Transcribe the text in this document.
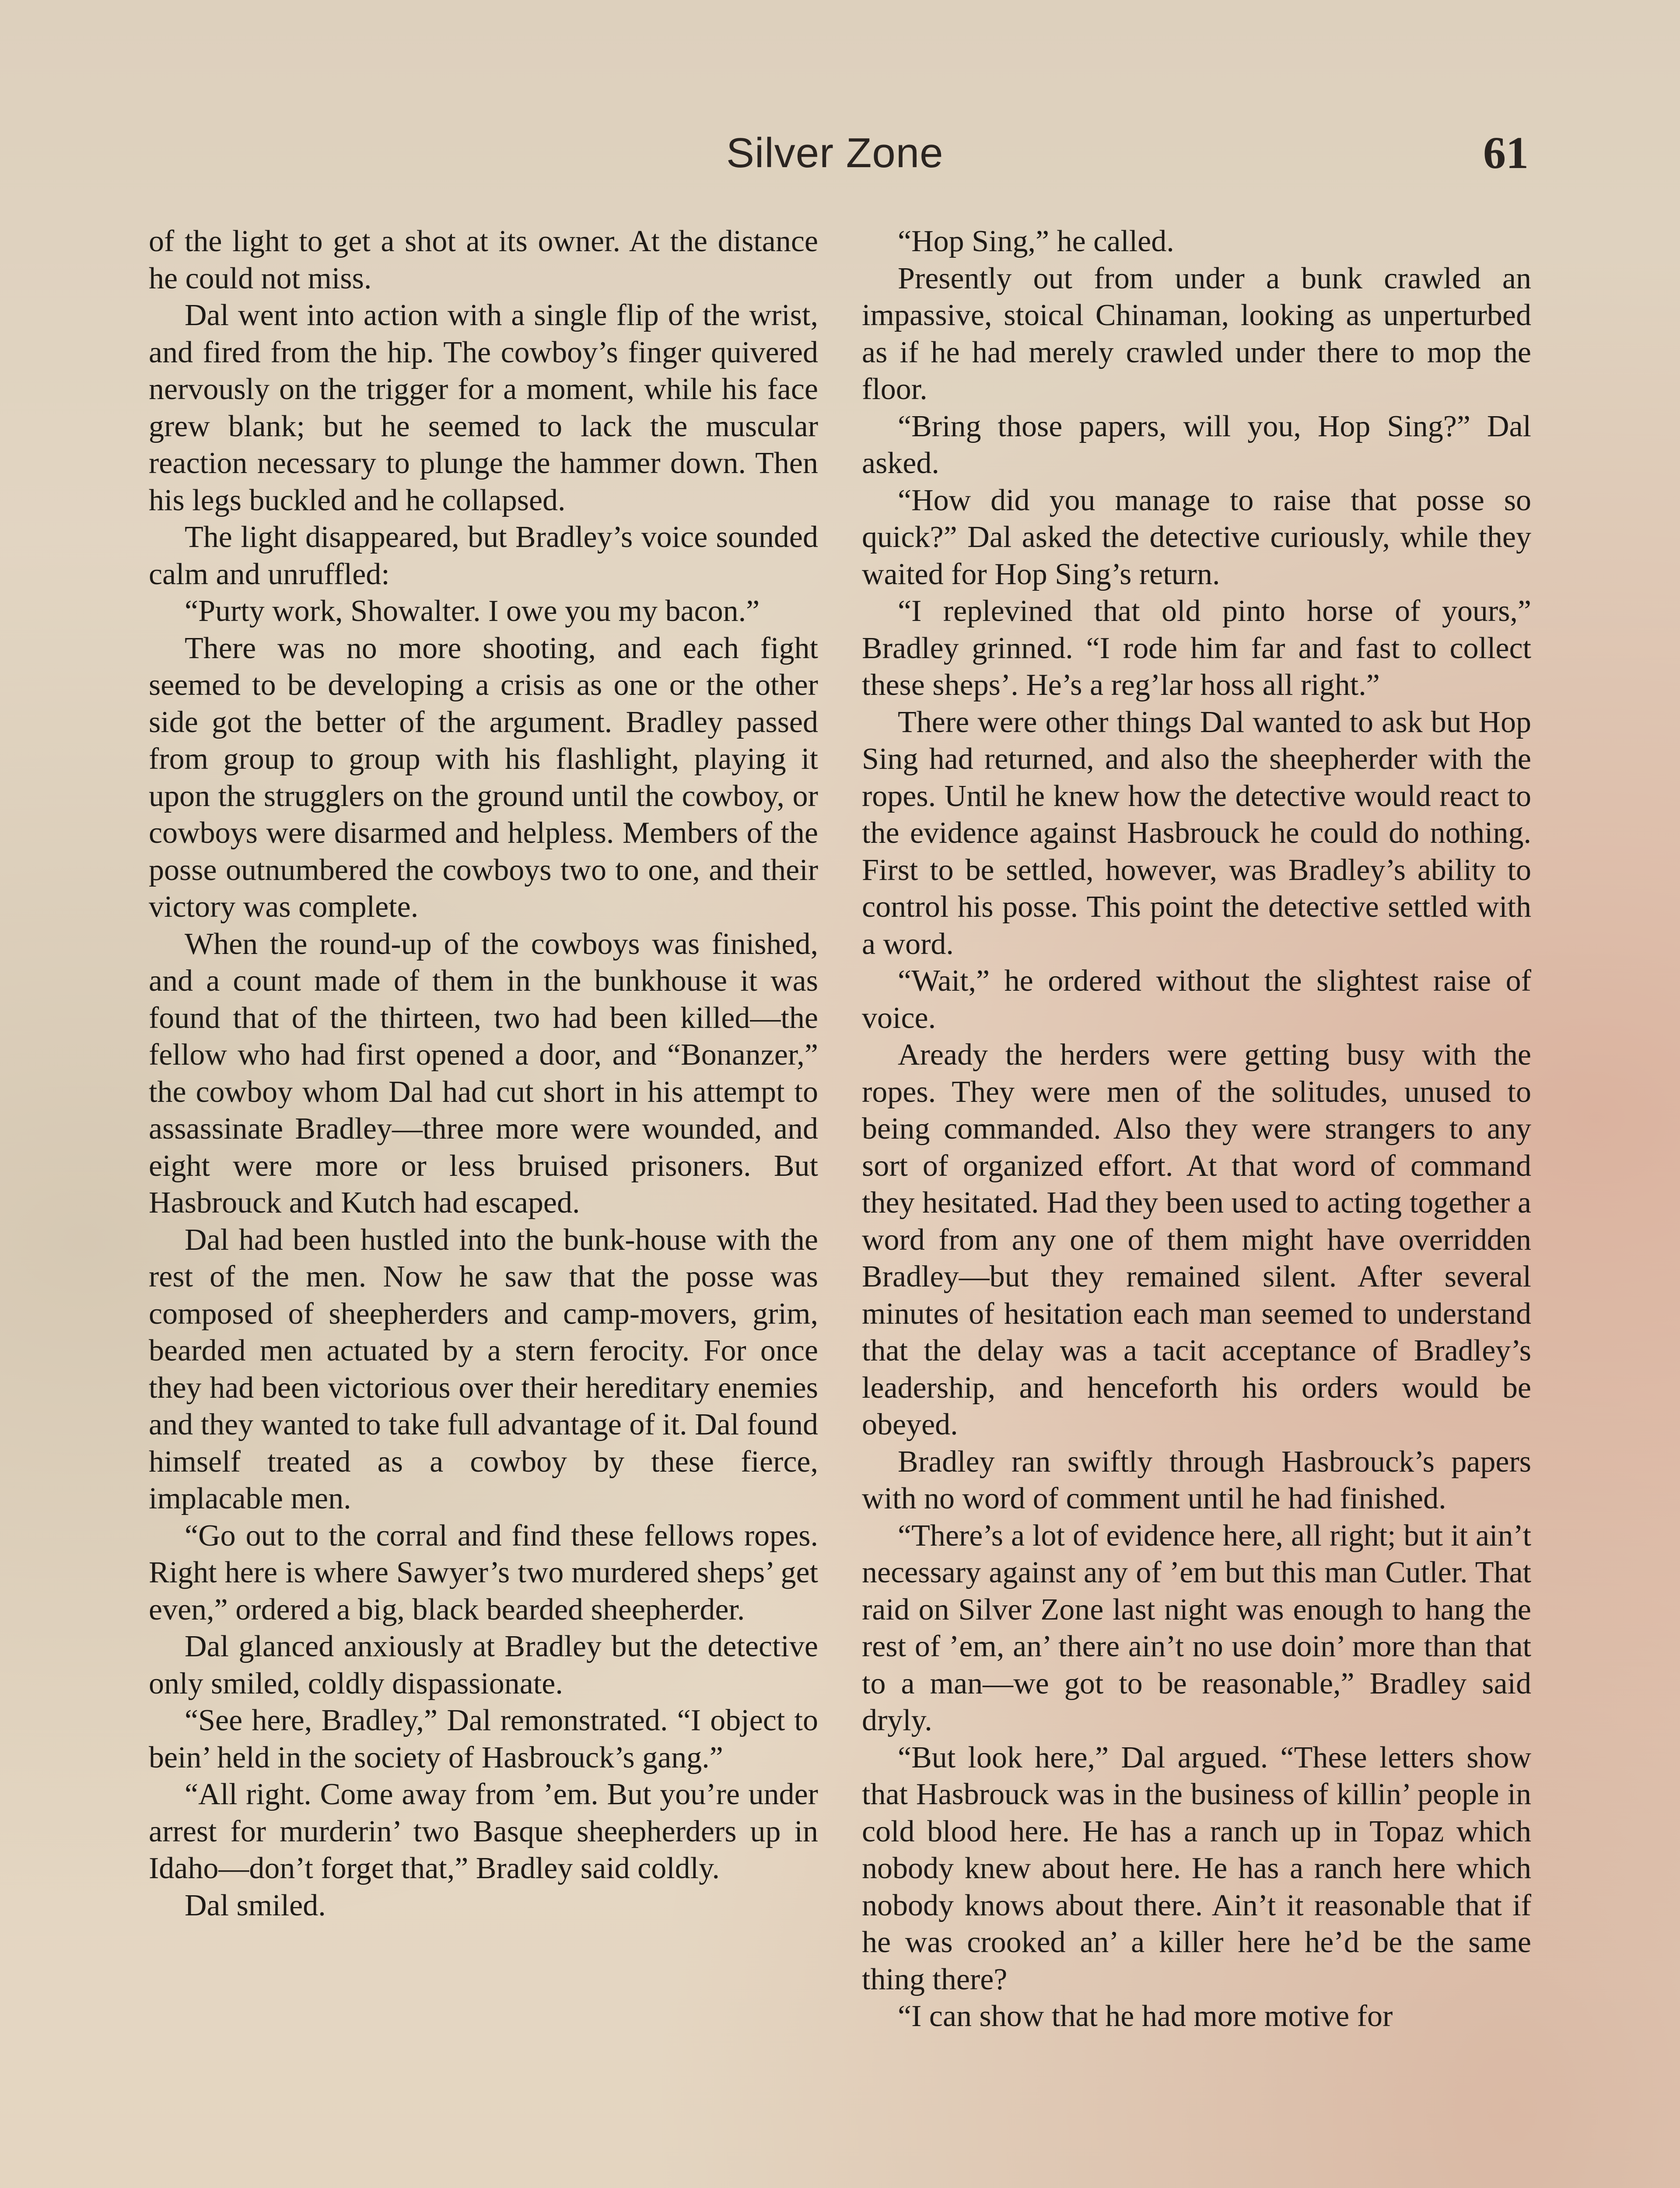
Silver Zone	61

of the light to get a shot at its owner. At the distance he could not miss.

Dal went into action with a single flip of the wrist, and fired from the hip. The cowboy’s finger quivered nervously on the trigger for a moment, while his face grew blank; but he seemed to lack the muscular reaction necessary to plunge the hammer down. Then his legs buckled and he collapsed.

The light disappeared, but Bradley’s voice sounded calm and unruffled:

“Purty work, Showalter. I owe you my bacon.”

There was no more shooting, and each fight seemed to be developing a crisis as one or the other side got the better of the argument. Bradley passed from group to group with his flashlight, playing it upon the strugglers on the ground until the cowboy, or cowboys were disarmed and helpless. Members of the posse outnumbered the cowboys two to one, and their victory was complete.

When the round-up of the cowboys was finished, and a count made of them in the bunkhouse it was found that of the thirteen, two had been killed—the fellow who had first opened a door, and “Bonanzer,” the cowboy whom Dal had cut short in his attempt to assassinate Bradley—three more were wounded, and eight were more or less bruised prisoners. But Hasbrouck and Kutch had escaped.

Dal had been hustled into the bunk-house with the rest of the men. Now he saw that the posse was composed of sheepherders and camp-movers, grim, bearded men actuated by a stern ferocity. For once they had been victorious over their hereditary enemies and they wanted to take full advantage of it. Dal found himself treated as a cowboy by these fierce, implacable men.

“Go out to the corral and find these fellows ropes. Right here is where Sawyer’s two murdered sheps’ get even,” ordered a big, black bearded sheepherder.

Dal glanced anxiously at Bradley but the detective only smiled, coldly dispassionate.

“See here, Bradley,” Dal remonstrated. “I object to bein’ held in the society of Hasbrouck’s gang.”

“All right. Come away from ’em. But you’re under arrest for murderin’ two Basque sheepherders up in Idaho—don’t forget that,” Bradley said coldly.

Dal smiled.

“Hop Sing,” he called.

Presently out from under a bunk crawled an impassive, stoical Chinaman, looking as unperturbed as if he had merely crawled under there to mop the floor.

“Bring those papers, will you, Hop Sing?” Dal asked.

“How did you manage to raise that posse so quick?” Dal asked the detective curiously, while they waited for Hop Sing’s return.

“I replevined that old pinto horse of yours,” Bradley grinned. “I rode him far and fast to collect these sheps’. He’s a reg’lar hoss all right.”

There were other things Dal wanted to ask but Hop Sing had returned, and also the sheepherder with the ropes. Until he knew how the detective would react to the evidence against Hasbrouck he could do nothing. First to be settled, however, was Bradley’s ability to control his posse. This point the detective settled with a word.

“Wait,” he ordered without the slightest raise of voice.

Aready the herders were getting busy with the ropes. They were men of the solitudes, unused to being commanded. Also they were strangers to any sort of organized effort. At that word of command they hesitated. Had they been used to acting together a word from any one of them might have overridden Bradley—but they remained silent. After several minutes of hesitation each man seemed to understand that the delay was a tacit acceptance of Bradley’s leadership, and henceforth his orders would be obeyed.

Bradley ran swiftly through Hasbrouck’s papers with no word of comment until he had finished.

“There’s a lot of evidence here, all right; but it ain’t necessary against any of ’em but this man Cutler. That raid on Silver Zone last night was enough to hang the rest of ’em, an’ there ain’t no use doin’ more than that to a man—we got to be reasonable,” Bradley said dryly.

“But look here,” Dal argued. “These letters show that Hasbrouck was in the business of killin’ people in cold blood here. He has a ranch up in Topaz which nobody knew about here. He has a ranch here which nobody knows about there. Ain’t it reasonable that if he was crooked an’ a killer here he’d be the same thing there?

“I can show that he had more motive for
